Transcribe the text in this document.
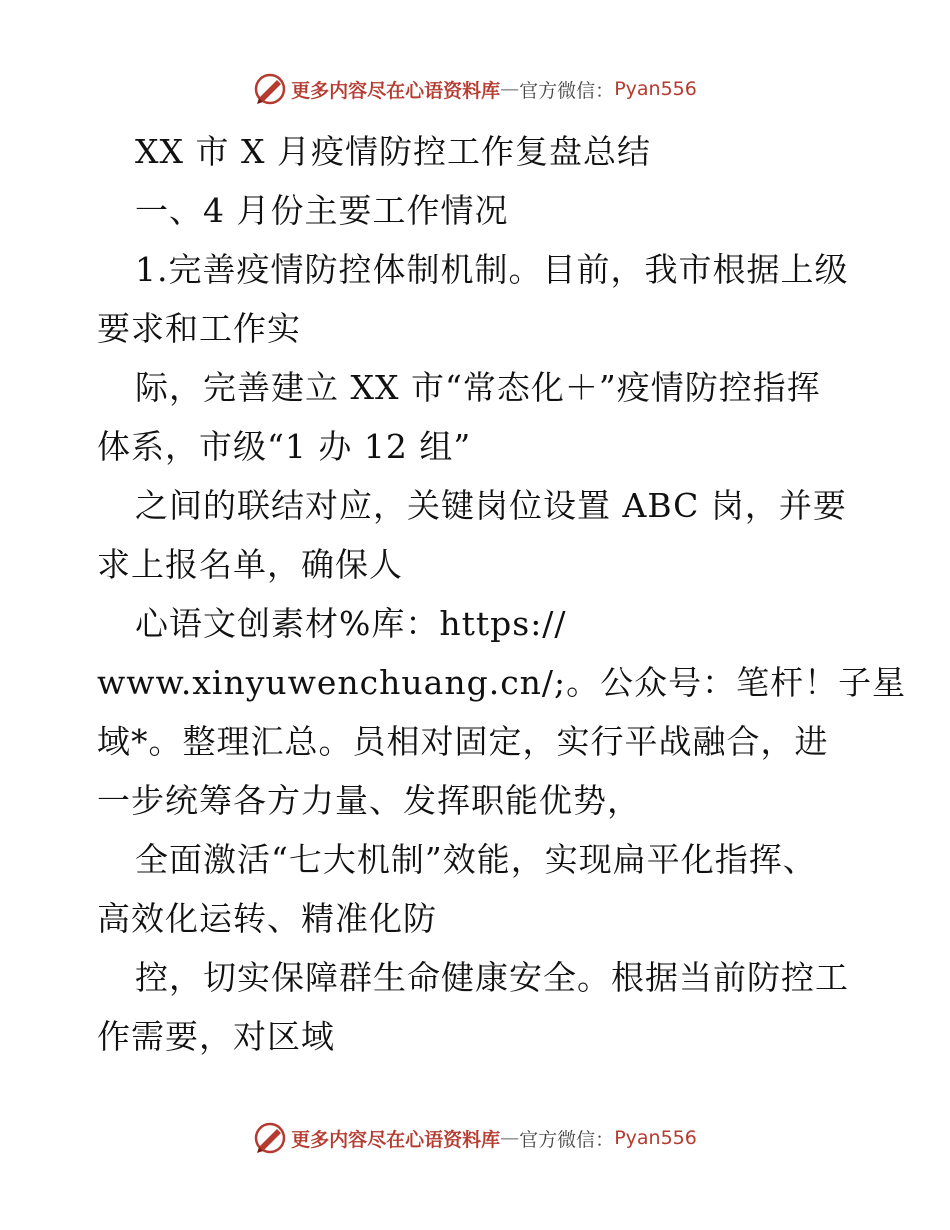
更多内容尽在心语资料库 — 官方微信： Pyan556
XX 市 X 月疫情防控工作复盘总结
一、4 月份主要工作情况
1.完善疫情防控体制机制。目前，我市根据上级
要求和工作实
际，完善建立 XX 市“常态化＋”疫情防控指挥
体系，市级“1 办 12 组”
之间的联结对应，关键岗位设置 ABC 岗，并要
求上报名单，确保人
心语文创素材%库：https://
www.xinyuwenchuang.cn/;。公众号：笔杆！子星
域*。整理汇总。员相对固定，实行平战融合，进
一步统筹各方力量、发挥职能优势，
全面激活“七大机制”效能，实现扁平化指挥、
高效化运转、精准化防
控，切实保障群生命健康安全。根据当前防控工
作需要，对区域
更多内容尽在心语资料库 — 官方微信： Pyan556
